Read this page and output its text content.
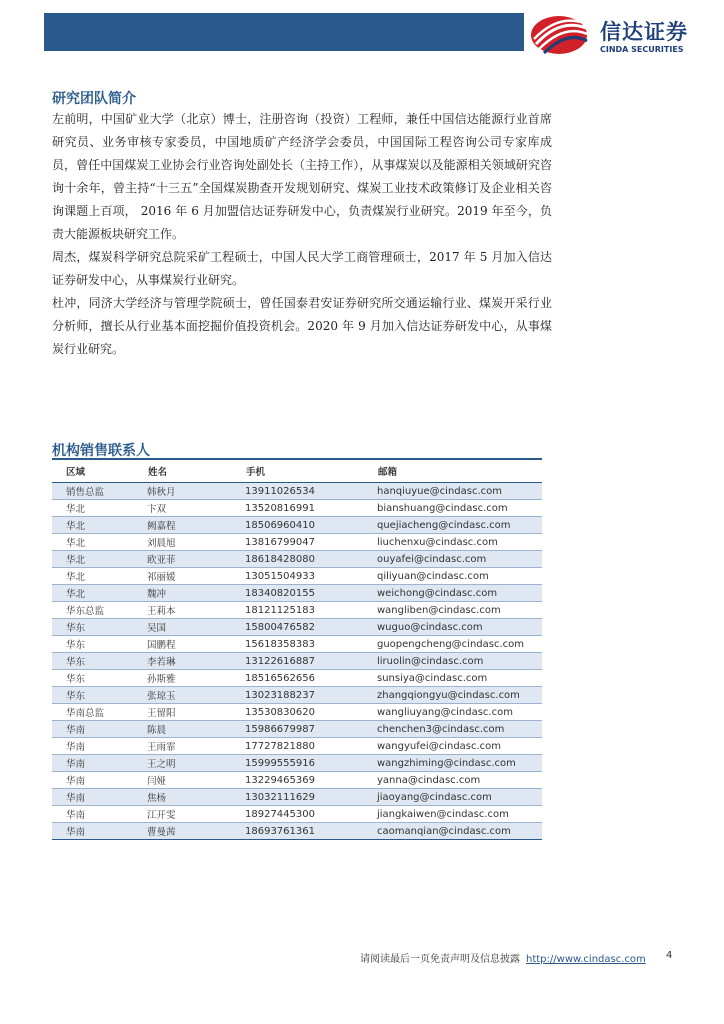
信达证券
CINDA SECURITIES
研究团队简介

左前明，中国矿业大学（北京）博士，注册咨询（投资）工程师，兼任中国信达能源行业首席研究员、业务审核专家委员，中国地质矿产经济学会委员，中国国际工程咨询公司专家库成员，曾任中国煤炭工业协会行业咨询处副处长（主持工作），从事煤炭以及能源相关领域研究咨询十余年，曾主持“十三五”全国煤炭勘查开发规划研究、煤炭工业技术政策修订及企业相关咨询课题上百项， 2016 年 6 月加盟信达证券研发中心，负责煤炭行业研究。2019 年至今，负责大能源板块研究工作。

周杰，煤炭科学研究总院采矿工程硕士，中国人民大学工商管理硕士，2017 年 5 月加入信达证券研发中心，从事煤炭行业研究。

杜冲，同济大学经济与管理学院硕士，曾任国泰君安证券研究所交通运输行业、煤炭开采行业分析师，擅长从行业基本面挖掘价值投资机会。2020 年 9 月加入信达证券研发中心，从事煤炭行业研究。

机构销售联系人
区域	姓名	手机	邮箱
销售总监	韩秋月	13911026534	hanqiuyue@cindasc.com
华北	卞双	13520816991	bianshuang@cindasc.com
华北	阙嘉程	18506960410	quejiacheng@cindasc.com
华北	刘晨旭	13816799047	liuchenxu@cindasc.com
华北	欧亚菲	18618428080	ouyafei@cindasc.com
华北	祁丽媛	13051504933	qiliyuan@cindasc.com
华北	魏冲	18340820155	weichong@cindasc.com
华东总监	王莉本	18121125183	wangliben@cindasc.com
华东	吴国	15800476582	wuguo@cindasc.com
华东	国鹏程	15618358383	guopengcheng@cindasc.com
华东	李若琳	13122616887	liruolin@cindasc.com
华东	孙斯雅	18516562656	sunsiya@cindasc.com
华东	张琼玉	13023188237	zhangqiongyu@cindasc.com
华南总监	王留阳	13530830620	wangliuyang@cindasc.com
华南	陈晨	15986679987	chenchen3@cindasc.com
华南	王雨霏	17727821880	wangyufei@cindasc.com
华南	王之明	15999555916	wangzhiming@cindasc.com
华南	闫娅	13229465369	yanna@cindasc.com
华南	焦杨	13032111629	jiaoyang@cindasc.com
华南	江开雯	18927445300	jiangkaiwen@cindasc.com
华南	曹曼茜	18693761361	caomanqian@cindasc.com
请阅读最后一页免责声明及信息披露 http://www.cindasc.com 4
